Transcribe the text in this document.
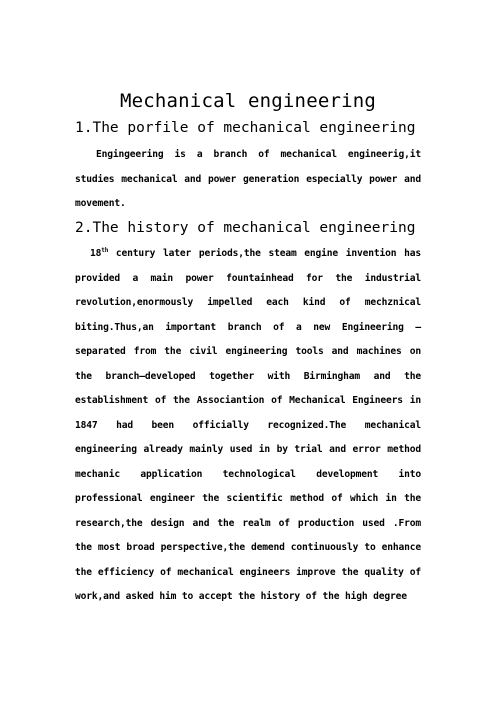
Mechanical engineering
1.The porfile of mechanical engineering

Engingeering is a branch of mechanical engineerig,it studies mechanical and power generation especially power and movement.

2.The history of mechanical engineering

18th century later periods,the steam engine invention has provided a main power fountainhead for the industrial revolution,enormously impelled each kind of mechznical biting.Thus,an important branch of a new Engineering – separated from the civil engineering tools and machines on the branch–developed together with Birmingham and the establishment of the Associantion of Mechanical Engineers in 1847 had been officially recognized.The mechanical engineering already mainly used in by trial and error method mechanic application technological development into professional engineer the scientific method of which in the research,the design and the realm of production used .From the most broad perspective,the demend continuously to enhance the efficiency of mechanical engineers improve the quality of work,and asked him to accept the history of the high degree
